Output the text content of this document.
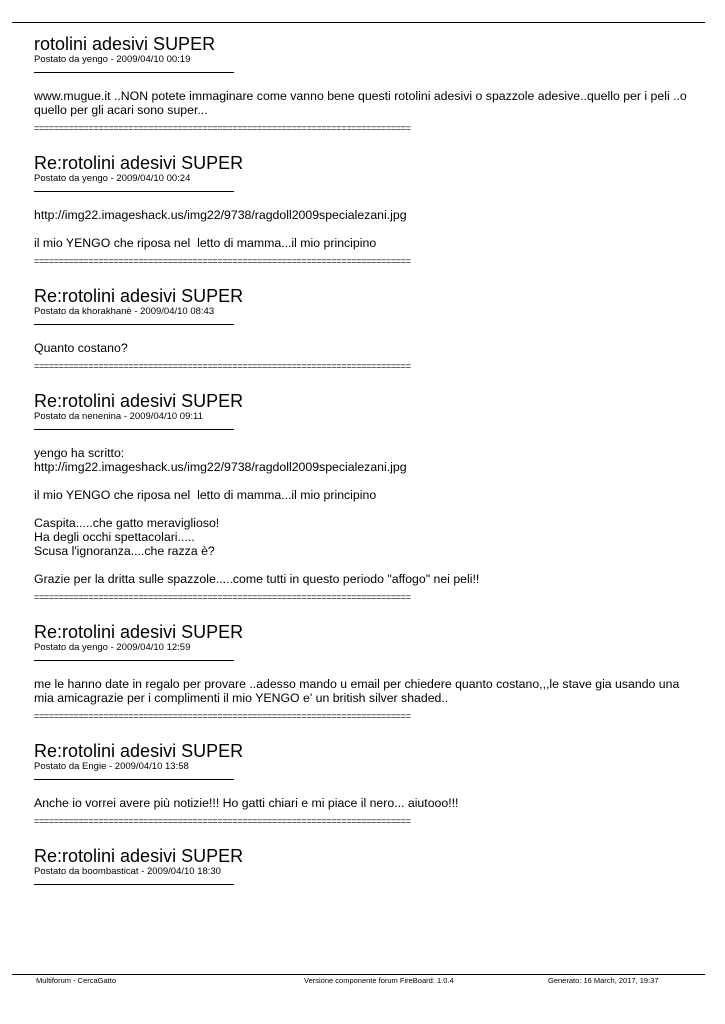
rotolini adesivi SUPER
Postato da yengo - 2009/04/10 00:19

www.mugue.it ..NON potete immaginare come vanno bene questi rotolini adesivi o spazzole adesive..quello per i peli ..o quello per gli acari sono super...

============================================================================
Re:rotolini adesivi SUPER
Postato da yengo - 2009/04/10 00:24

http://img22.imageshack.us/img22/9738/ragdoll2009specialezani.jpg

il mio YENGO che riposa nel  letto di mamma...il mio principino

============================================================================
Re:rotolini adesivi SUPER
Postato da khorakhanè - 2009/04/10 08:43

Quanto costano?

============================================================================
Re:rotolini adesivi SUPER
Postato da nenenina - 2009/04/10 09:11

yengo ha scritto:
http://img22.imageshack.us/img22/9738/ragdoll2009specialezani.jpg

il mio YENGO che riposa nel  letto di mamma...il mio principino

Caspita.....che gatto meraviglioso!
Ha degli occhi spettacolari.....
Scusa l'ignoranza....che razza è?

Grazie per la dritta sulle spazzole.....come tutti in questo periodo "affogo" nei peli!!

============================================================================
Re:rotolini adesivi SUPER
Postato da yengo - 2009/04/10 12:59

me le hanno date in regalo per provare ..adesso mando u email per chiedere quanto costano,,,le stave gia usando una mia amicagrazie per i complimenti il mio YENGO e' un british silver shaded..

============================================================================
Re:rotolini adesivi SUPER
Postato da Engie - 2009/04/10 13:58

Anche io vorrei avere più notizie!!! Ho gatti chiari e mi piace il nero... aiutooo!!!

============================================================================
Re:rotolini adesivi SUPER
Postato da boombasticat - 2009/04/10 18:30
Multiforum - CercaGatto	Versione componente forum FireBoard: 1.0.4	Generato: 16 March, 2017, 19:37
